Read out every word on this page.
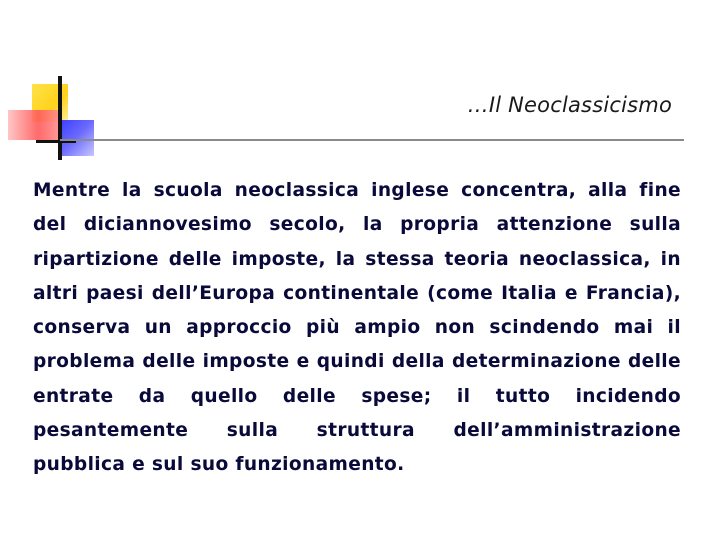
…Il Neoclassicismo
Mentre la scuola neoclassica inglese concentra, alla fine del diciannovesimo secolo, la propria attenzione sulla ripartizione delle imposte, la stessa teoria neoclassica, in altri paesi dell’Europa continentale (come Italia e Francia), conserva un approccio più ampio non scindendo mai il problema delle imposte e quindi della determinazione delle entrate da quello delle spese; il tutto incidendo pesantemente sulla struttura dell’amministrazione pubblica e sul suo funzionamento.
